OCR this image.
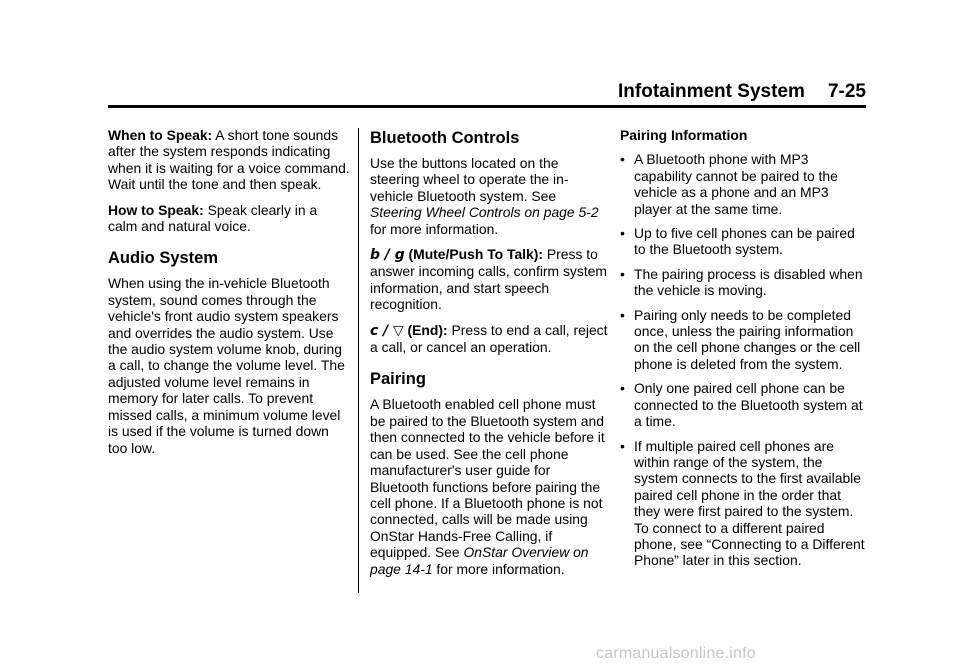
Infotainment System 7-25

When to Speak: A short tone sounds after the system responds indicating when it is waiting for a voice command. Wait until the tone and then speak.

How to Speak: Speak clearly in a calm and natural voice.

Audio System

When using the in-vehicle Bluetooth system, sound comes through the vehicle's front audio system speakers and overrides the audio system. Use the audio system volume knob, during a call, to change the volume level. The adjusted volume level remains in memory for later calls. To prevent missed calls, a minimum volume level is used if the volume is turned down too low.

Bluetooth Controls

Use the buttons located on the steering wheel to operate the in-vehicle Bluetooth system. See Steering Wheel Controls on page 5-2 for more information.

b / g (Mute/Push To Talk): Press to answer incoming calls, confirm system information, and start speech recognition.

c / ▽ (End): Press to end a call, reject a call, or cancel an operation.

Pairing

A Bluetooth enabled cell phone must be paired to the Bluetooth system and then connected to the vehicle before it can be used. See the cell phone manufacturer's user guide for Bluetooth functions before pairing the cell phone. If a Bluetooth phone is not connected, calls will be made using OnStar Hands-Free Calling, if equipped. See OnStar Overview on page 14-1 for more information.

Pairing Information
• A Bluetooth phone with MP3 capability cannot be paired to the vehicle as a phone and an MP3 player at the same time.
• Up to five cell phones can be paired to the Bluetooth system.
• The pairing process is disabled when the vehicle is moving.
• Pairing only needs to be completed once, unless the pairing information on the cell phone changes or the cell phone is deleted from the system.
• Only one paired cell phone can be connected to the Bluetooth system at a time.
• If multiple paired cell phones are within range of the system, the system connects to the first available paired cell phone in the order that they were first paired to the system. To connect to a different paired phone, see “Connecting to a Different Phone” later in this section.
carmanualsonline.info
